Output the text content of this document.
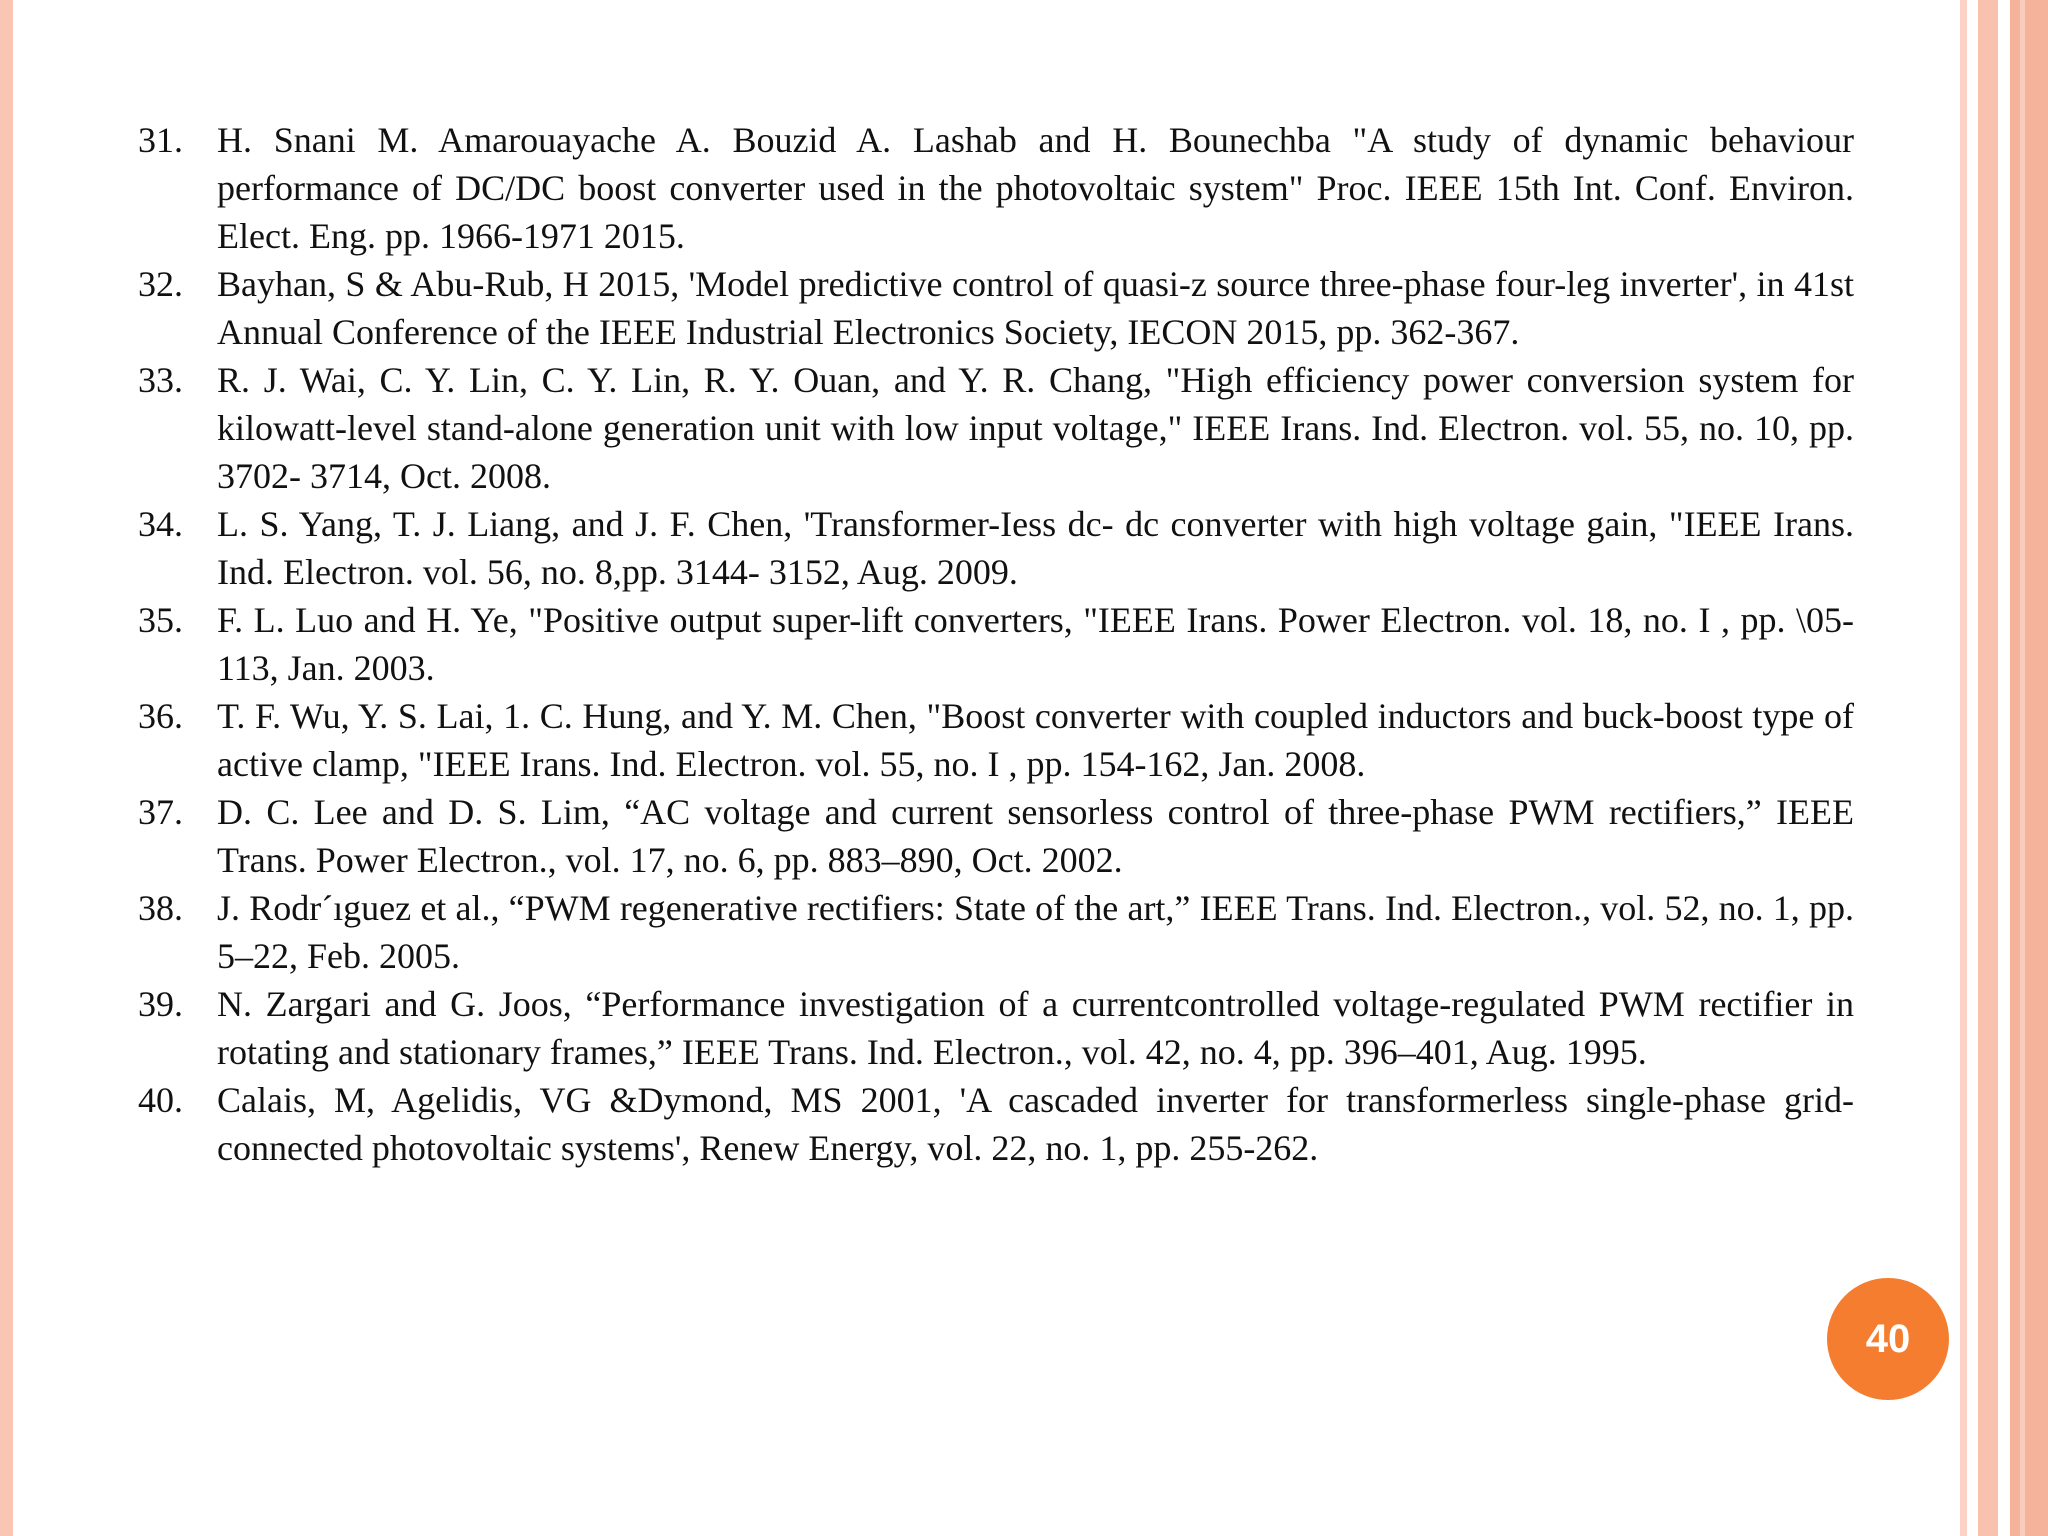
31. H. Snani M. Amarouayache A. Bouzid A. Lashab and H. Bounechba "A study of dynamic behaviour performance of DC/DC boost converter used in the photovoltaic system" Proc. IEEE 15th Int. Conf. Environ. Elect. Eng. pp. 1966-1971 2015.
32. Bayhan, S & Abu-Rub, H 2015, 'Model predictive control of quasi-z source three-phase four-leg inverter', in 41st Annual Conference of the IEEE Industrial Electronics Society, IECON 2015, pp. 362-367.
33. R. J. Wai, C. Y. Lin, C. Y. Lin, R. Y. Ouan, and Y. R. Chang, "High efficiency power conversion system for kilowatt-level stand-alone generation unit with low input voltage," IEEE Irans. Ind. Electron. vol. 55, no. 10, pp. 3702- 3714, Oct. 2008.
34. L. S. Yang, T. J. Liang, and J. F. Chen, 'Transformer-Iess dc- dc converter with high voltage gain, "IEEE Irans. Ind. Electron. vol. 56, no. 8,pp. 3144- 3152, Aug. 2009.
35. F. L. Luo and H. Ye, "Positive output super-lift converters, "IEEE Irans. Power Electron. vol. 18, no. I , pp. \05- 113, Jan. 2003.
36. T. F. Wu, Y. S. Lai, 1. C. Hung, and Y. M. Chen, "Boost converter with coupled inductors and buck-boost type of active clamp, "IEEE Irans. Ind. Electron. vol. 55, no. I , pp. 154-162, Jan. 2008.
37. D. C. Lee and D. S. Lim, “AC voltage and current sensorless control of three-phase PWM rectifiers,” IEEE Trans. Power Electron., vol. 17, no. 6, pp. 883–890, Oct. 2002.
38. J. Rodr´ıguez et al., “PWM regenerative rectifiers: State of the art,” IEEE Trans. Ind. Electron., vol. 52, no. 1, pp. 5–22, Feb. 2005.
39. N. Zargari and G. Joos, “Performance investigation of a currentcontrolled voltage-regulated PWM rectifier in rotating and stationary frames,” IEEE Trans. Ind. Electron., vol. 42, no. 4, pp. 396–401, Aug. 1995.
40. Calais, M, Agelidis, VG &Dymond, MS 2001, 'A cascaded inverter for transformerless single-phase grid-connected photovoltaic systems', Renew Energy, vol. 22, no. 1, pp. 255-262.
40
